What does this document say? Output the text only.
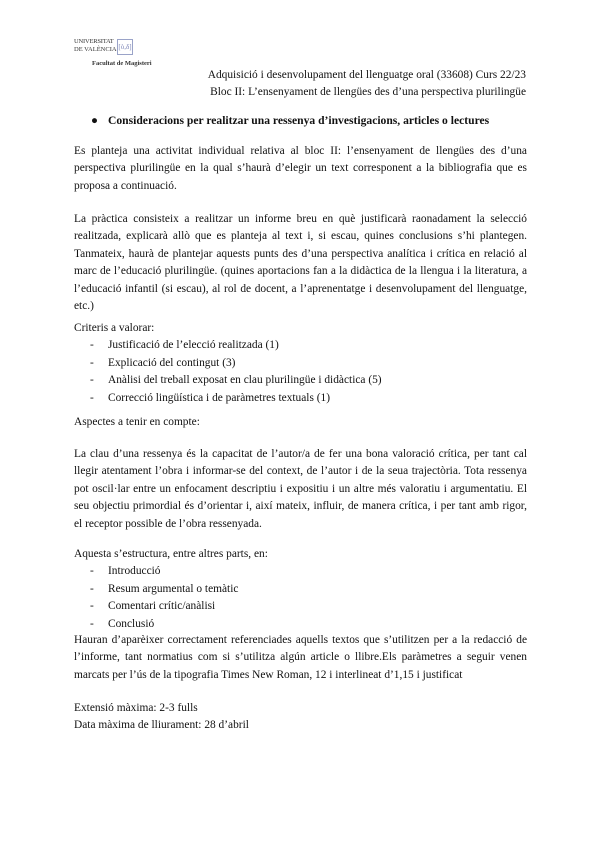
UNIVERSITAT
DE VALÈNCIA [ò,δ]
Facultat de Magisteri
Adquisició i desenvolupament del llenguatge oral (33608) Curs 22/23
Bloc II: L’ensenyament de llengües des d’una perspectiva plurilingüe
● Consideracions per realitzar una ressenya d’investigacions, articles o lectures

Es planteja una activitat individual relativa al bloc II: l’ensenyament de llengües des d’una perspectiva plurilingüe en la qual s’haurà d’elegir un text corresponent a la bibliografia que es proposa a continuació.

La pràctica consisteix a realitzar un informe breu en què justificarà raonadament la selecció realitzada, explicarà allò que es planteja al text i, si escau, quines conclusions s’hi plantegen. Tanmateix, haurà de plantejar aquests punts des d’una perspectiva analítica i crítica en relació al marc de l’educació plurilingüe. (quines aportacions fan a la didàctica de la llengua i la literatura, a l’educació infantil (si escau), al rol de docent, a l’aprenentatge i desenvolupament del llenguatge, etc.)

Criteris a valorar:
- Justificació de l’elecció realitzada (1)
- Explicació del contingut (3)
- Anàlisi del treball exposat en clau plurilingüe i didàctica (5)
- Correcció lingüística i de paràmetres textuals (1)
Aspectes a tenir en compte:

La clau d’una ressenya és la capacitat de l’autor/a de fer una bona valoració crítica, per tant cal llegir atentament l’obra i informar-se del context, de l’autor i de la seua trajectòria. Tota ressenya pot oscil·lar entre un enfocament descriptiu i expositiu i un altre més valoratiu i argumentatiu. El seu objectiu primordial és d’orientar i, així mateix, influir, de manera crítica, i per tant amb rigor, el receptor possible de l’obra ressenyada.

Aquesta s’estructura, entre altres parts, en:
- Introducció
- Resum argumental o temàtic
- Comentari crític/anàlisi
- Conclusió

Hauran d’aparèixer correctament referenciades aquells textos que s’utilitzen per a la redacció de l’informe, tant normatius com si s’utilitza algún article o llibre.Els paràmetres a seguir venen marcats per l’ús de la tipografia Times New Roman, 12 i interlineat d’1,15 i justificat

Extensió màxima: 2-3 fulls
Data màxima de lliurament: 28 d’abril
